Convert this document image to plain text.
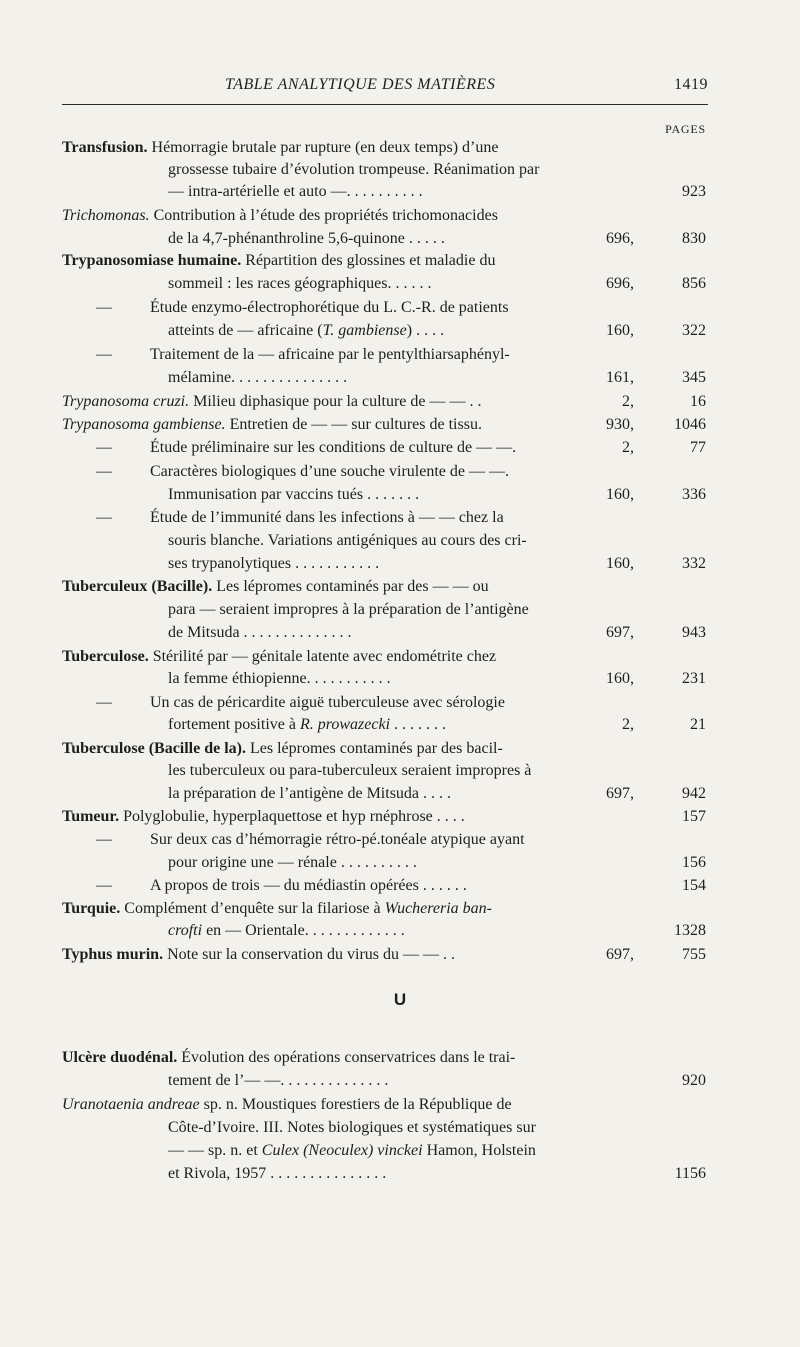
TABLE ANALYTIQUE DES MATIÈRES	1419
PAGES
Transfusion. Hémorragie brutale par rupture (en deux temps) d’une
grossesse tubaire d’évolution trompeuse. Réanimation par
— intra-artérielle et auto —. . . . . . . . . .	923
Trichomonas. Contribution à l’étude des propriétés trichomonacides
de la 4,7-phénanthroline 5,6-quinone . . . . .	696,	830
Trypanosomiase humaine. Répartition des glossines et maladie du
sommeil : les races géographiques. . . . . .	696,	856
— Étude enzymo-électrophorétique du L. C.-R. de patients
atteints de — africaine (T. gambiense) . . . .	160,	322
— Traitement de la — africaine par le pentylthiarsaphényl-
mélamine. . . . . . . . . . . . . . .	161,	345
Trypanosoma cruzi. Milieu diphasique pour la culture de — — . .	2,	16
Trypanosoma gambiense. Entretien de — — sur cultures de tissu.	930,	1046
— Étude préliminaire sur les conditions de culture de — —.	2,	77
— Caractères biologiques d’une souche virulente de — —.
Immunisation par vaccins tués . . . . . . .	160,	336
— Étude de l’immunité dans les infections à — — chez la
souris blanche. Variations antigéniques au cours des cri-
ses trypanolytiques . . . . . . . . . . .	160,	332
Tuberculeux (Bacille). Les lépromes contaminés par des — — ou
para — seraient impropres à la préparation de l’antigène
de Mitsuda . . . . . . . . . . . . . .	697,	943
Tuberculose. Stérilité par — génitale latente avec endométrite chez
la femme éthiopienne. . . . . . . . . . .	160,	231
— Un cas de péricardite aiguë tuberculeuse avec sérologie
fortement positive à R. prowazecki . . . . . . .	2,	21
Tuberculose (Bacille de la). Les lépromes contaminés par des bacil-
les tuberculeux ou para-tuberculeux seraient impropres à
la préparation de l’antigène de Mitsuda . . . .	697,	942
Tumeur. Polyglobulie, hyperplaquettose et hyp rnéphrose . . . .	157
— Sur deux cas d’hémorragie rétro-pé.tonéale atypique ayant
pour origine une — rénale . . . . . . . . . .	156
— A propos de trois — du médiastin opérées . . . . . .	154
Turquie. Complément d’enquête sur la filariose à Wuchereria ban-
crofti en — Orientale. . . . . . . . . . . . .	1328
Typhus murin. Note sur la conservation du virus du — — . .	697,	755
Ulcère duodénal. Évolution des opérations conservatrices dans le trai-
tement de l’— —. . . . . . . . . . . . . .	920
Uranotaenia andreae sp. n. Moustiques forestiers de la République de
Côte-d’Ivoire. III. Notes biologiques et systématiques sur
— — sp. n. et Culex (Neoculex) vinckei Hamon, Holstein
et Rivola, 1957 . . . . . . . . . . . . . . .	1156
U
